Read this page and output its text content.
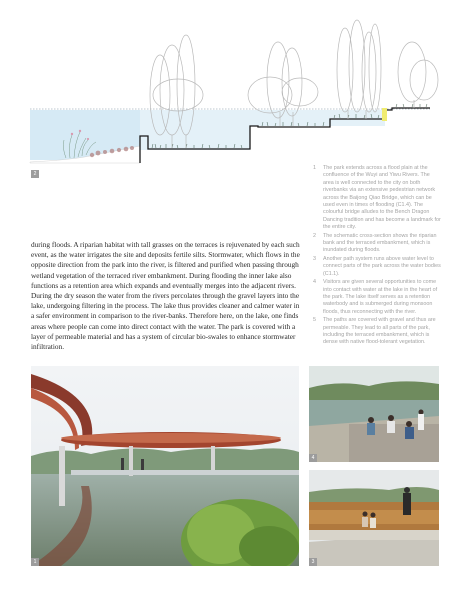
2
1 The park extends across a flood plain at the confluence of the Wuyi and Yiwu Rivers. The area is well connected to the city on both riverbanks via an extensive pedestrian network across the Baijong Qiao Bridge, which can be used even in times of flooding (C1.4). The colourful bridge alludes to the Bench Dragon Dancing tradition and has become a landmark for the entire city.
2 The schematic cross-section shows the riparian bank and the terraced embankment, which is inundated during floods.
3 Another path system runs above water level to connect parts of the park across the water bodies (C1.1).
4 Visitors are given several opportunities to come into contact with water at the lake in the heart of the park. The lake itself serves as a retention waterbody and is submerged during monsoon floods, thus reconnecting with the river.
5 The paths are covered with gravel and thus are permeable. They lead to all parts of the park, including the terraced embankment, which is dense with native flood-tolerant vegetation.

during floods. A riparian habitat with tall grasses on the terraces is rejuvenated by each such event, as the water irrigates the site and deposits fertile silts. Stormwater, which flows in the opposite direction from the park into the river, is filtered and purified when passing through wetland vegetation of the terraced river embankment. During flooding the inner lake also functions as a retention area which expands and eventually merges into the adjacent rivers. During the dry season the water from the rivers percolates through the gravel layers into the lake, undergoing filtering in the process. The lake thus provides cleaner and calmer water in a safer environment in comparison to the river-banks. Therefore here, on the lake, one finds areas where people can come into direct contact with the water. The park is covered with a layer of permeable material and has a system of circular bio-swales to enhance stormwater infiltration.

1
4
3
